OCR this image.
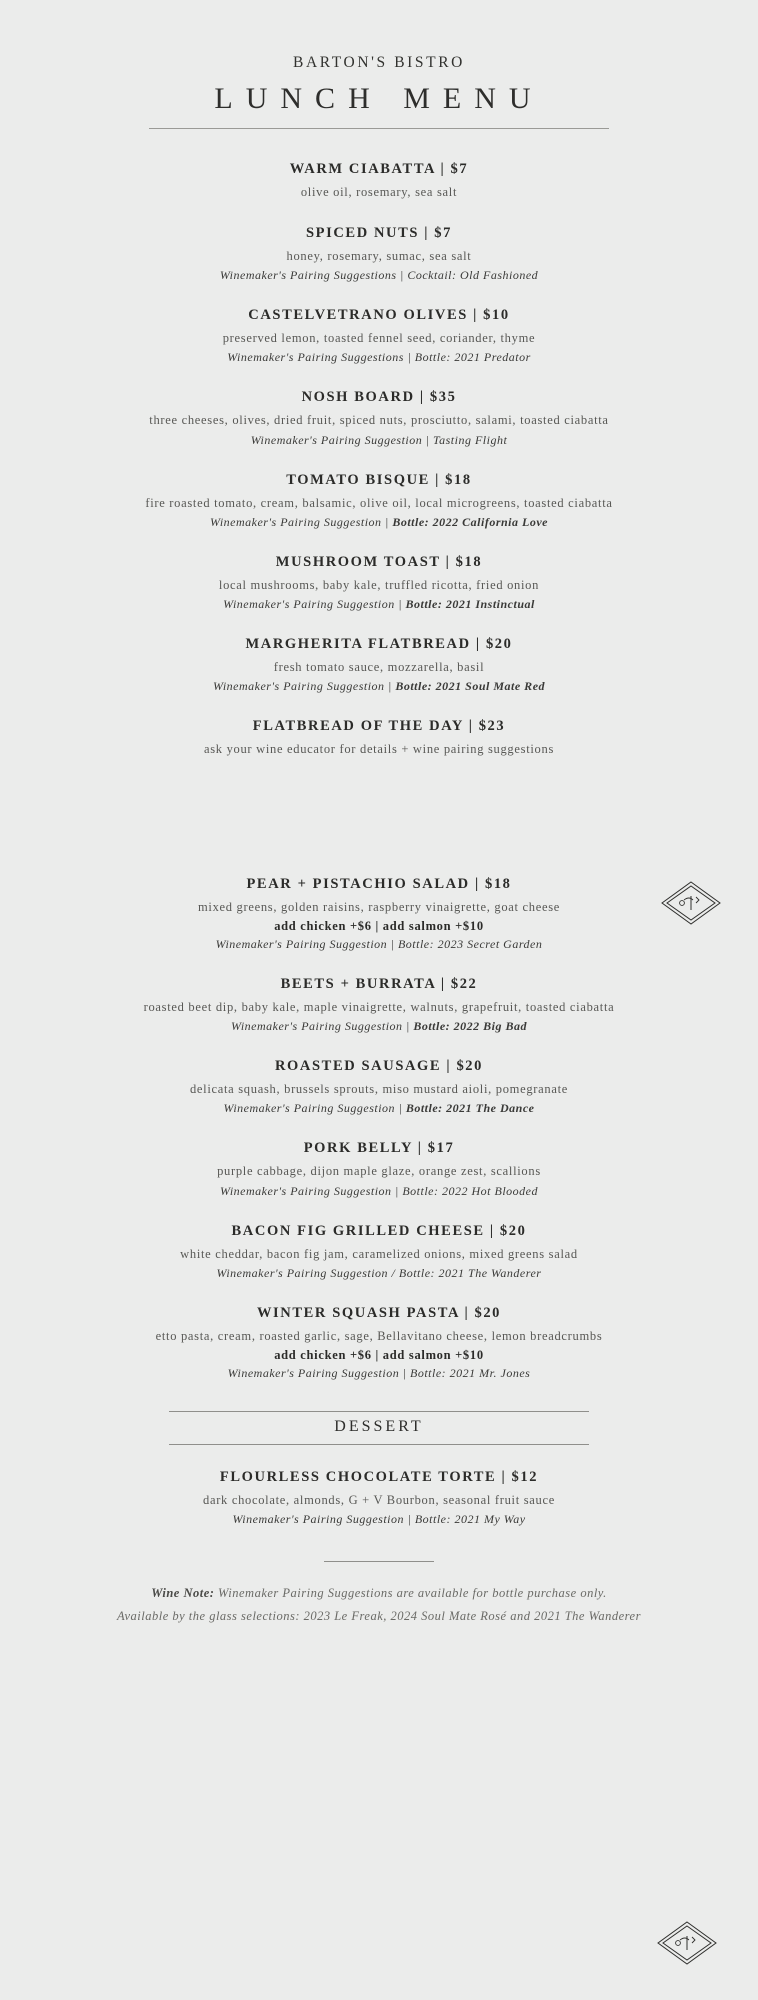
BARTON'S BISTRO
LUNCH MENU
WARM CIABATTA | $7
olive oil, rosemary, sea salt
SPICED NUTS | $7
honey, rosemary, sumac, sea salt
Winemaker's Pairing Suggestions | Cocktail: Old Fashioned
CASTELVETRANO OLIVES | $10
preserved lemon, toasted fennel seed, coriander, thyme
Winemaker's Pairing Suggestions | Bottle: 2021 Predator
NOSH BOARD | $35
three cheeses, olives, dried fruit, spiced nuts, prosciutto, salami, toasted ciabatta
Winemaker's Pairing Suggestion | Tasting Flight
TOMATO BISQUE | $18
fire roasted tomato, cream, balsamic, olive oil, local microgreens, toasted ciabatta
Winemaker's Pairing Suggestion | Bottle: 2022 California Love
MUSHROOM TOAST | $18
local mushrooms, baby kale, truffled ricotta, fried onion
Winemaker's Pairing Suggestion | Bottle: 2021 Instinctual
MARGHERITA FLATBREAD | $20
fresh tomato sauce, mozzarella, basil
Winemaker's Pairing Suggestion | Bottle: 2021 Soul Mate Red
FLATBREAD OF THE DAY | $23
ask your wine educator for details + wine pairing suggestions
PEAR + PISTACHIO SALAD | $18
mixed greens, golden raisins, raspberry vinaigrette, goat cheese
add chicken +$6 | add salmon +$10
Winemaker's Pairing Suggestion | Bottle: 2023 Secret Garden
BEETS + BURRATA | $22
roasted beet dip, baby kale, maple vinaigrette, walnuts, grapefruit, toasted ciabatta
Winemaker's Pairing Suggestion | Bottle: 2022 Big Bad
ROASTED SAUSAGE | $20
delicata squash, brussels sprouts, miso mustard aioli, pomegranate
Winemaker's Pairing Suggestion | Bottle: 2021 The Dance
PORK BELLY | $17
purple cabbage, dijon maple glaze, orange zest, scallions
Winemaker's Pairing Suggestion | Bottle: 2022 Hot Blooded
BACON FIG GRILLED CHEESE | $20
white cheddar, bacon fig jam, caramelized onions, mixed greens salad
Winemaker's Pairing Suggestion / Bottle: 2021 The Wanderer
WINTER SQUASH PASTA | $20
etto pasta, cream, roasted garlic, sage, Bellavitano cheese, lemon breadcrumbs
add chicken +$6 | add salmon +$10
Winemaker's Pairing Suggestion | Bottle: 2021 Mr. Jones
DESSERT
FLOURLESS CHOCOLATE TORTE | $12
dark chocolate, almonds, G + V Bourbon, seasonal fruit sauce
Winemaker's Pairing Suggestion | Bottle: 2021 My Way

Wine Note: Winemaker Pairing Suggestions are available for bottle purchase only.

Available by the glass selections: 2023 Le Freak, 2024 Soul Mate Rosé and 2021 The Wanderer
